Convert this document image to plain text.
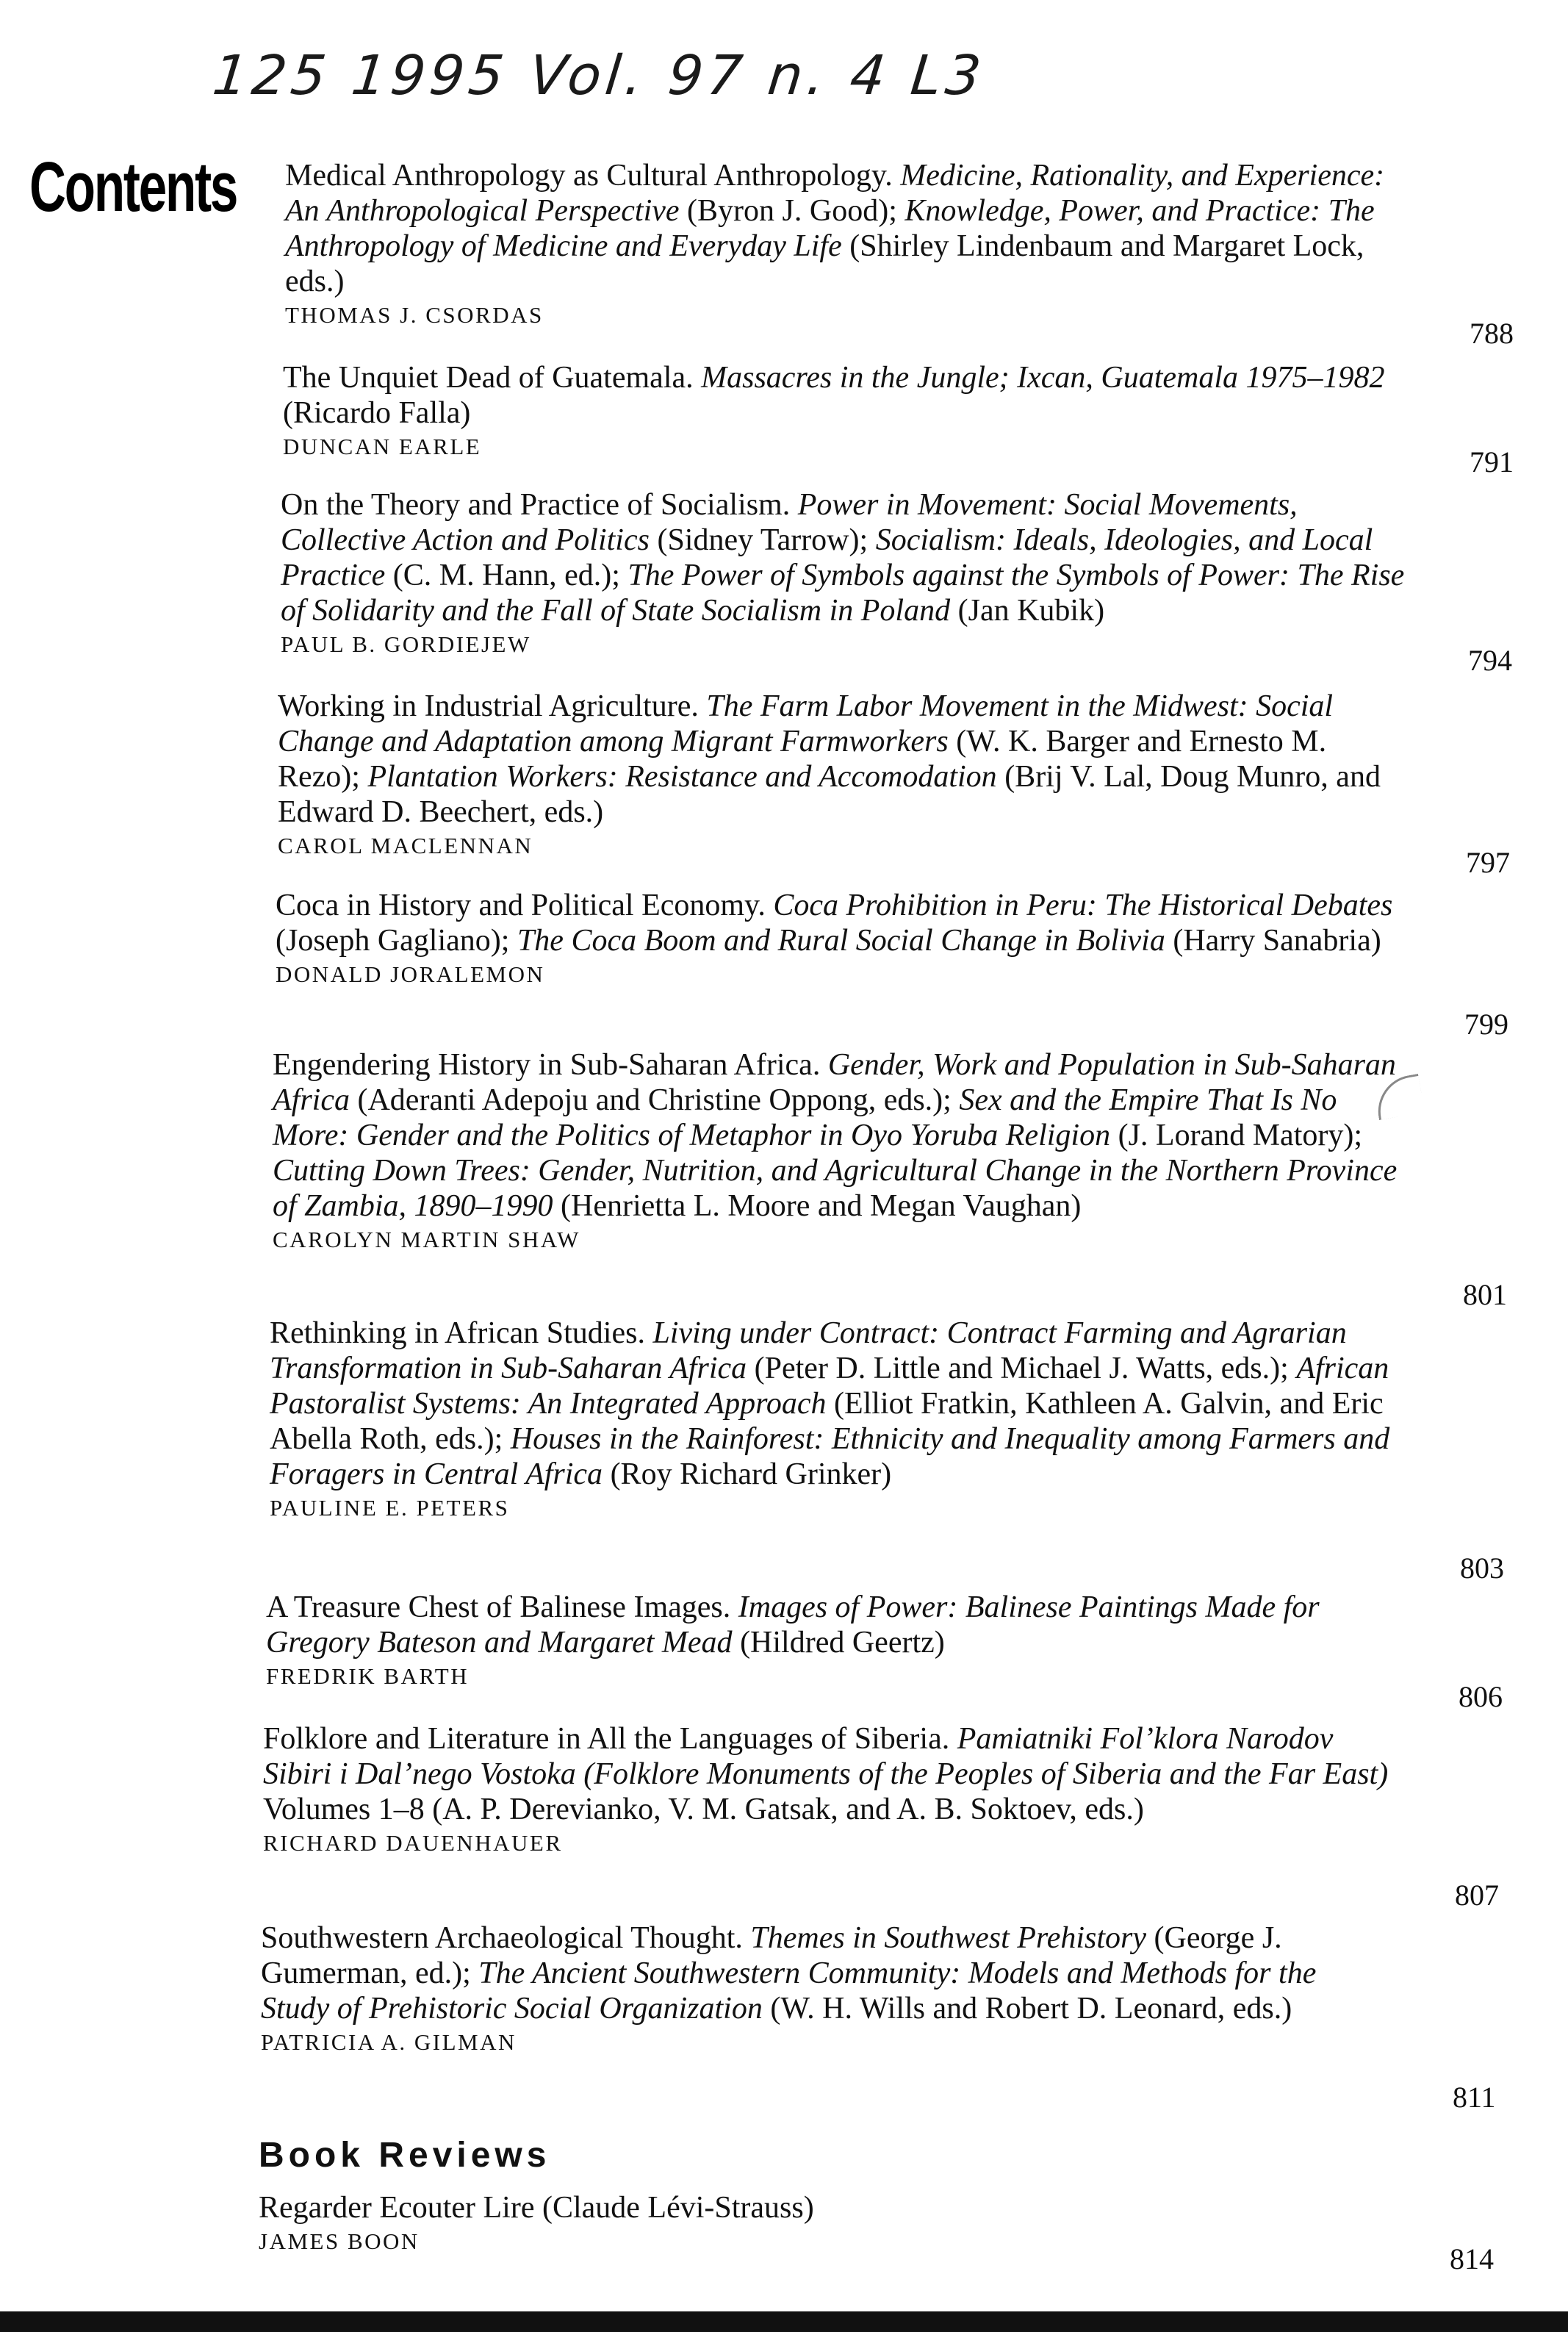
125 1995 Vol. 97 n. 4 L3
Contents Medical Anthropology as Cultural Anthropology. Medicine, Rationality, and Experience: An Anthropological Perspective (Byron J. Good); Knowledge, Power, and Practice: The Anthropology of Medicine and Everyday Life (Shirley Lindenbaum and Margaret Lock, eds.)
THOMAS J. CSORDAS
788
The Unquiet Dead of Guatemala. Massacres in the Jungle; Ixcan, Guatemala 1975–1982 (Ricardo Falla)
DUNCAN EARLE	791
On the Theory and Practice of Socialism. Power in Movement: Social Movements, Collective Action and Politics (Sidney Tarrow); Socialism: Ideals, Ideologies, and Local Practice (C. M. Hann, ed.); The Power of Symbols against the Symbols of Power: The Rise of Solidarity and the Fall of State Socialism in Poland (Jan Kubik)
PAUL B. GORDIEJEW	794
Working in Industrial Agriculture. The Farm Labor Movement in the Midwest: Social Change and Adaptation among Migrant Farmworkers (W. K. Barger and Ernesto M. Rezo); Plantation Workers: Resistance and Accomodation (Brij V. Lal, Doug Munro, and Edward D. Beechert, eds.)
CAROL MACLENNAN
797
Coca in History and Political Economy. Coca Prohibition in Peru: The Historical Debates (Joseph Gagliano); The Coca Boom and Rural Social Change in Bolivia (Harry Sanabria)
DONALD JORALEMON
799
Engendering History in Sub-Saharan Africa. Gender, Work and Population in Sub-Saharan Africa (Aderanti Adepoju and Christine Oppong, eds.); Sex and the Empire That Is No More: Gender and the Politics of Metaphor in Oyo Yoruba Religion (J. Lorand Matory); Cutting Down Trees: Gender, Nutrition, and Agricultural Change in the Northern Province of Zambia, 1890–1990 (Henrietta L. Moore and Megan Vaughan)
CAROLYN MARTIN SHAW
801
Rethinking in African Studies. Living under Contract: Contract Farming and Agrarian Transformation in Sub-Saharan Africa (Peter D. Little and Michael J. Watts, eds.); African Pastoralist Systems: An Integrated Approach (Elliot Fratkin, Kathleen A. Galvin, and Eric Abella Roth, eds.); Houses in the Rainforest: Ethnicity and Inequality among Farmers and Foragers in Central Africa (Roy Richard Grinker)
PAULINE E. PETERS
803
A Treasure Chest of Balinese Images. Images of Power: Balinese Paintings Made for Gregory Bateson and Margaret Mead (Hildred Geertz)
FREDRIK BARTH
806
Folklore and Literature in All the Languages of Siberia. Pamiatniki Fol’klora Narodov Sibiri i Dal’nego Vostoka (Folklore Monuments of the Peoples of Siberia and the Far East) Volumes 1–8 (A. P. Derevianko, V. M. Gatsak, and A. B. Soktoev, eds.)
RICHARD DAUENHAUER
807
Southwestern Archaeological Thought. Themes in Southwest Prehistory (George J. Gumerman, ed.); The Ancient Southwestern Community: Models and Methods for the Study of Prehistoric Social Organization (W. H. Wills and Robert D. Leonard, eds.)
PATRICIA A. GILMAN
811
Book Reviews
Regarder Ecouter Lire (Claude Lévi-Strauss)
JAMES BOON
814
